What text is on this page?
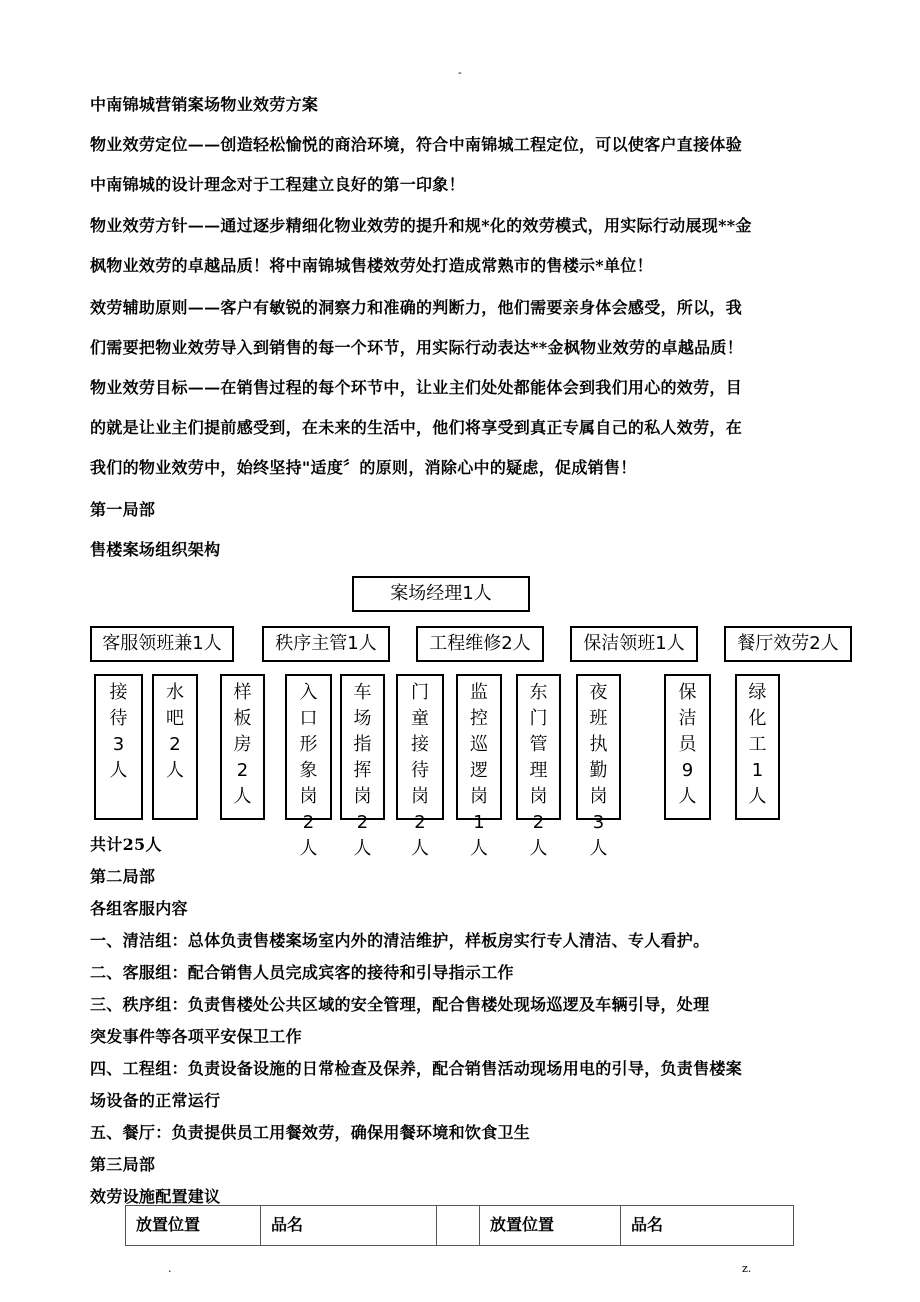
-
中南锦城营销案场物业效劳方案
物业效劳定位——创造轻松愉悦的商洽环境，符合中南锦城工程定位，可以使客户直接体验
中南锦城的设计理念对于工程建立良好的第一印象！
物业效劳方针——通过逐步精细化物业效劳的提升和规*化的效劳模式，用实际行动展现**金
枫物业效劳的卓越品质！将中南锦城售楼效劳处打造成常熟市的售楼示*单位！
效劳辅助原则——客户有敏锐的洞察力和准确的判断力，他们需要亲身体会感受，所以，我
们需要把物业效劳导入到销售的每一个环节，用实际行动表达**金枫物业效劳的卓越品质！
物业效劳目标——在销售过程的每个环节中，让业主们处处都能体会到我们用心的效劳，目
的就是让业主们提前感受到，在未来的生活中，他们将享受到真正专属自己的私人效劳，在
我们的物业效劳中，始终坚持"适度〞的原则，消除心中的疑虑，促成销售！
第一局部
售楼案场组织架构
共计25人
第二局部
各组客服内容
一、清洁组：总体负责售楼案场室内外的清洁维护，样板房实行专人清洁、专人看护。
二、客服组：配合销售人员完成宾客的接待和引导指示工作
三、秩序组：负责售楼处公共区域的安全管理，配合售楼处现场巡逻及车辆引导，处理
突发事件等各项平安保卫工作
四、工程组：负责设备设施的日常检查及保养，配合销售活动现场用电的引导，负责售楼案
场设备的正常运行
五、餐厅：负责提供员工用餐效劳，确保用餐环境和饮食卫生
第三局部
效劳设施配置建议
案场经理1人
客服领班兼1人	秩序主管1人	工程维修2人	保洁领班1人	餐厅效劳2人
接待3人
水吧2人
样板房2人
入口形象岗2人
车场指挥岗2人
门童接待岗2人
监控巡逻岗1人
东门管理岗2人
夜班执勤岗3人
保洁员9人
绿化工1人
放置位置	品名		放置位置	品名
.	z.
